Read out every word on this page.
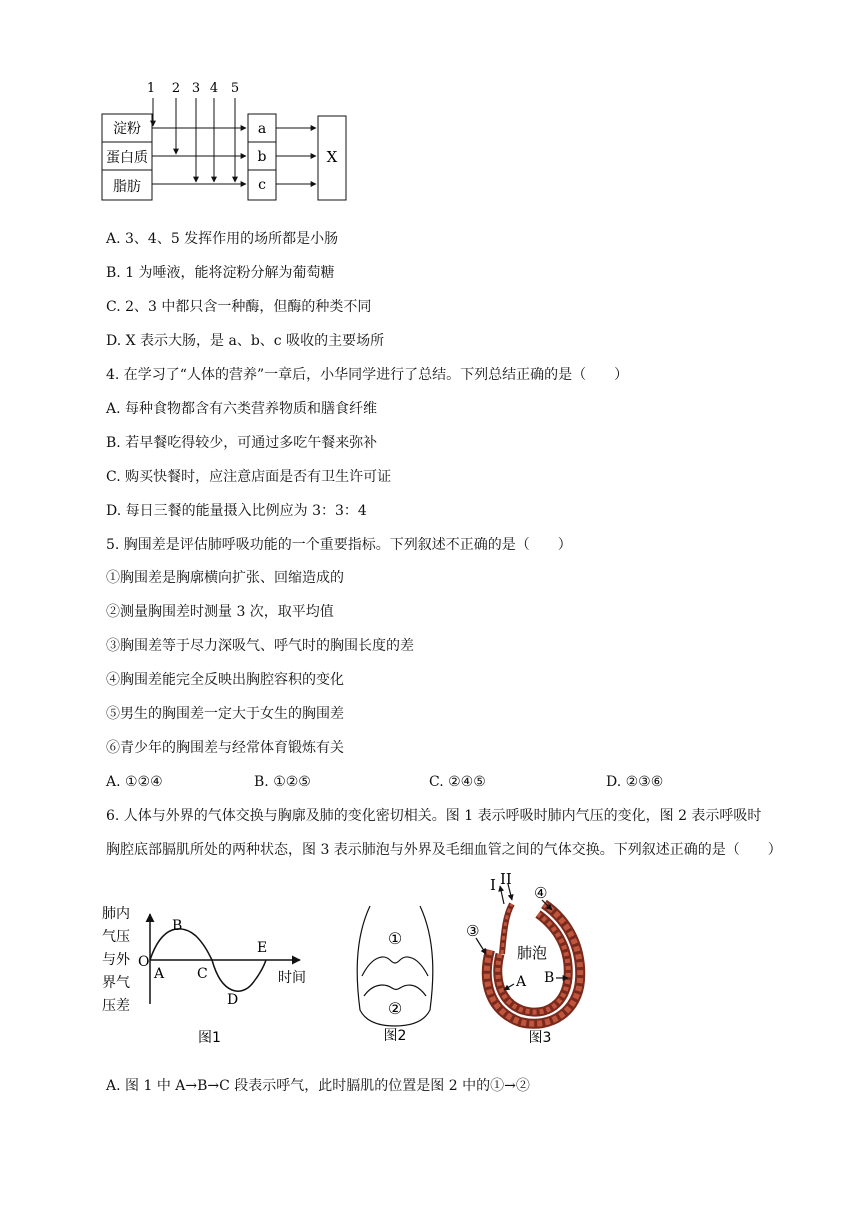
1 2 3 4 5
淀粉
蛋白质
脂肪
a
b
c
X
A. 3、4、5 发挥作用的场所都是小肠
B. 1 为唾液，能将淀粉分解为葡萄糖
C. 2、3 中都只含一种酶，但酶的种类不同
D. X 表示大肠，是 a、b、c 吸收的主要场所
4. 在学习了“人体的营养”一章后，小华同学进行了总结。下列总结正确的是（　　）
A. 每种食物都含有六类营养物质和膳食纤维
B. 若早餐吃得较少，可通过多吃午餐来弥补
C. 购买快餐时，应注意店面是否有卫生许可证
D. 每日三餐的能量摄入比例应为 3：3：4
5. 胸围差是评估肺呼吸功能的一个重要指标。下列叙述不正确的是（　　）
①胸围差是胸廓横向扩张、回缩造成的
②测量胸围差时测量 3 次，取平均值
③胸围差等于尽力深吸气、呼气时的胸围长度的差
④胸围差能完全反映出胸腔容积的变化
⑤男生的胸围差一定大于女生的胸围差
⑥青少年的胸围差与经常体育锻炼有关
A. ①②④	B. ①②⑤	C. ②④⑤	D. ②③⑥
6. 人体与外界的气体交换与胸廓及肺的变化密切相关。图 1 表示呼吸时肺内气压的变化，图 2 表示呼吸时
胸腔底部膈肌所处的两种状态，图 3 表示肺泡与外界及毛细血管之间的气体交换。下列叙述正确的是（　　）
肺内
气压
与外
界气
压差
O
A
B
C
D
E
时间
图1
①
②
图2
I II
④
③
肺泡
B
A
图3
A. 图 1 中 A→B→C 段表示呼气，此时膈肌的位置是图 2 中的①→②
